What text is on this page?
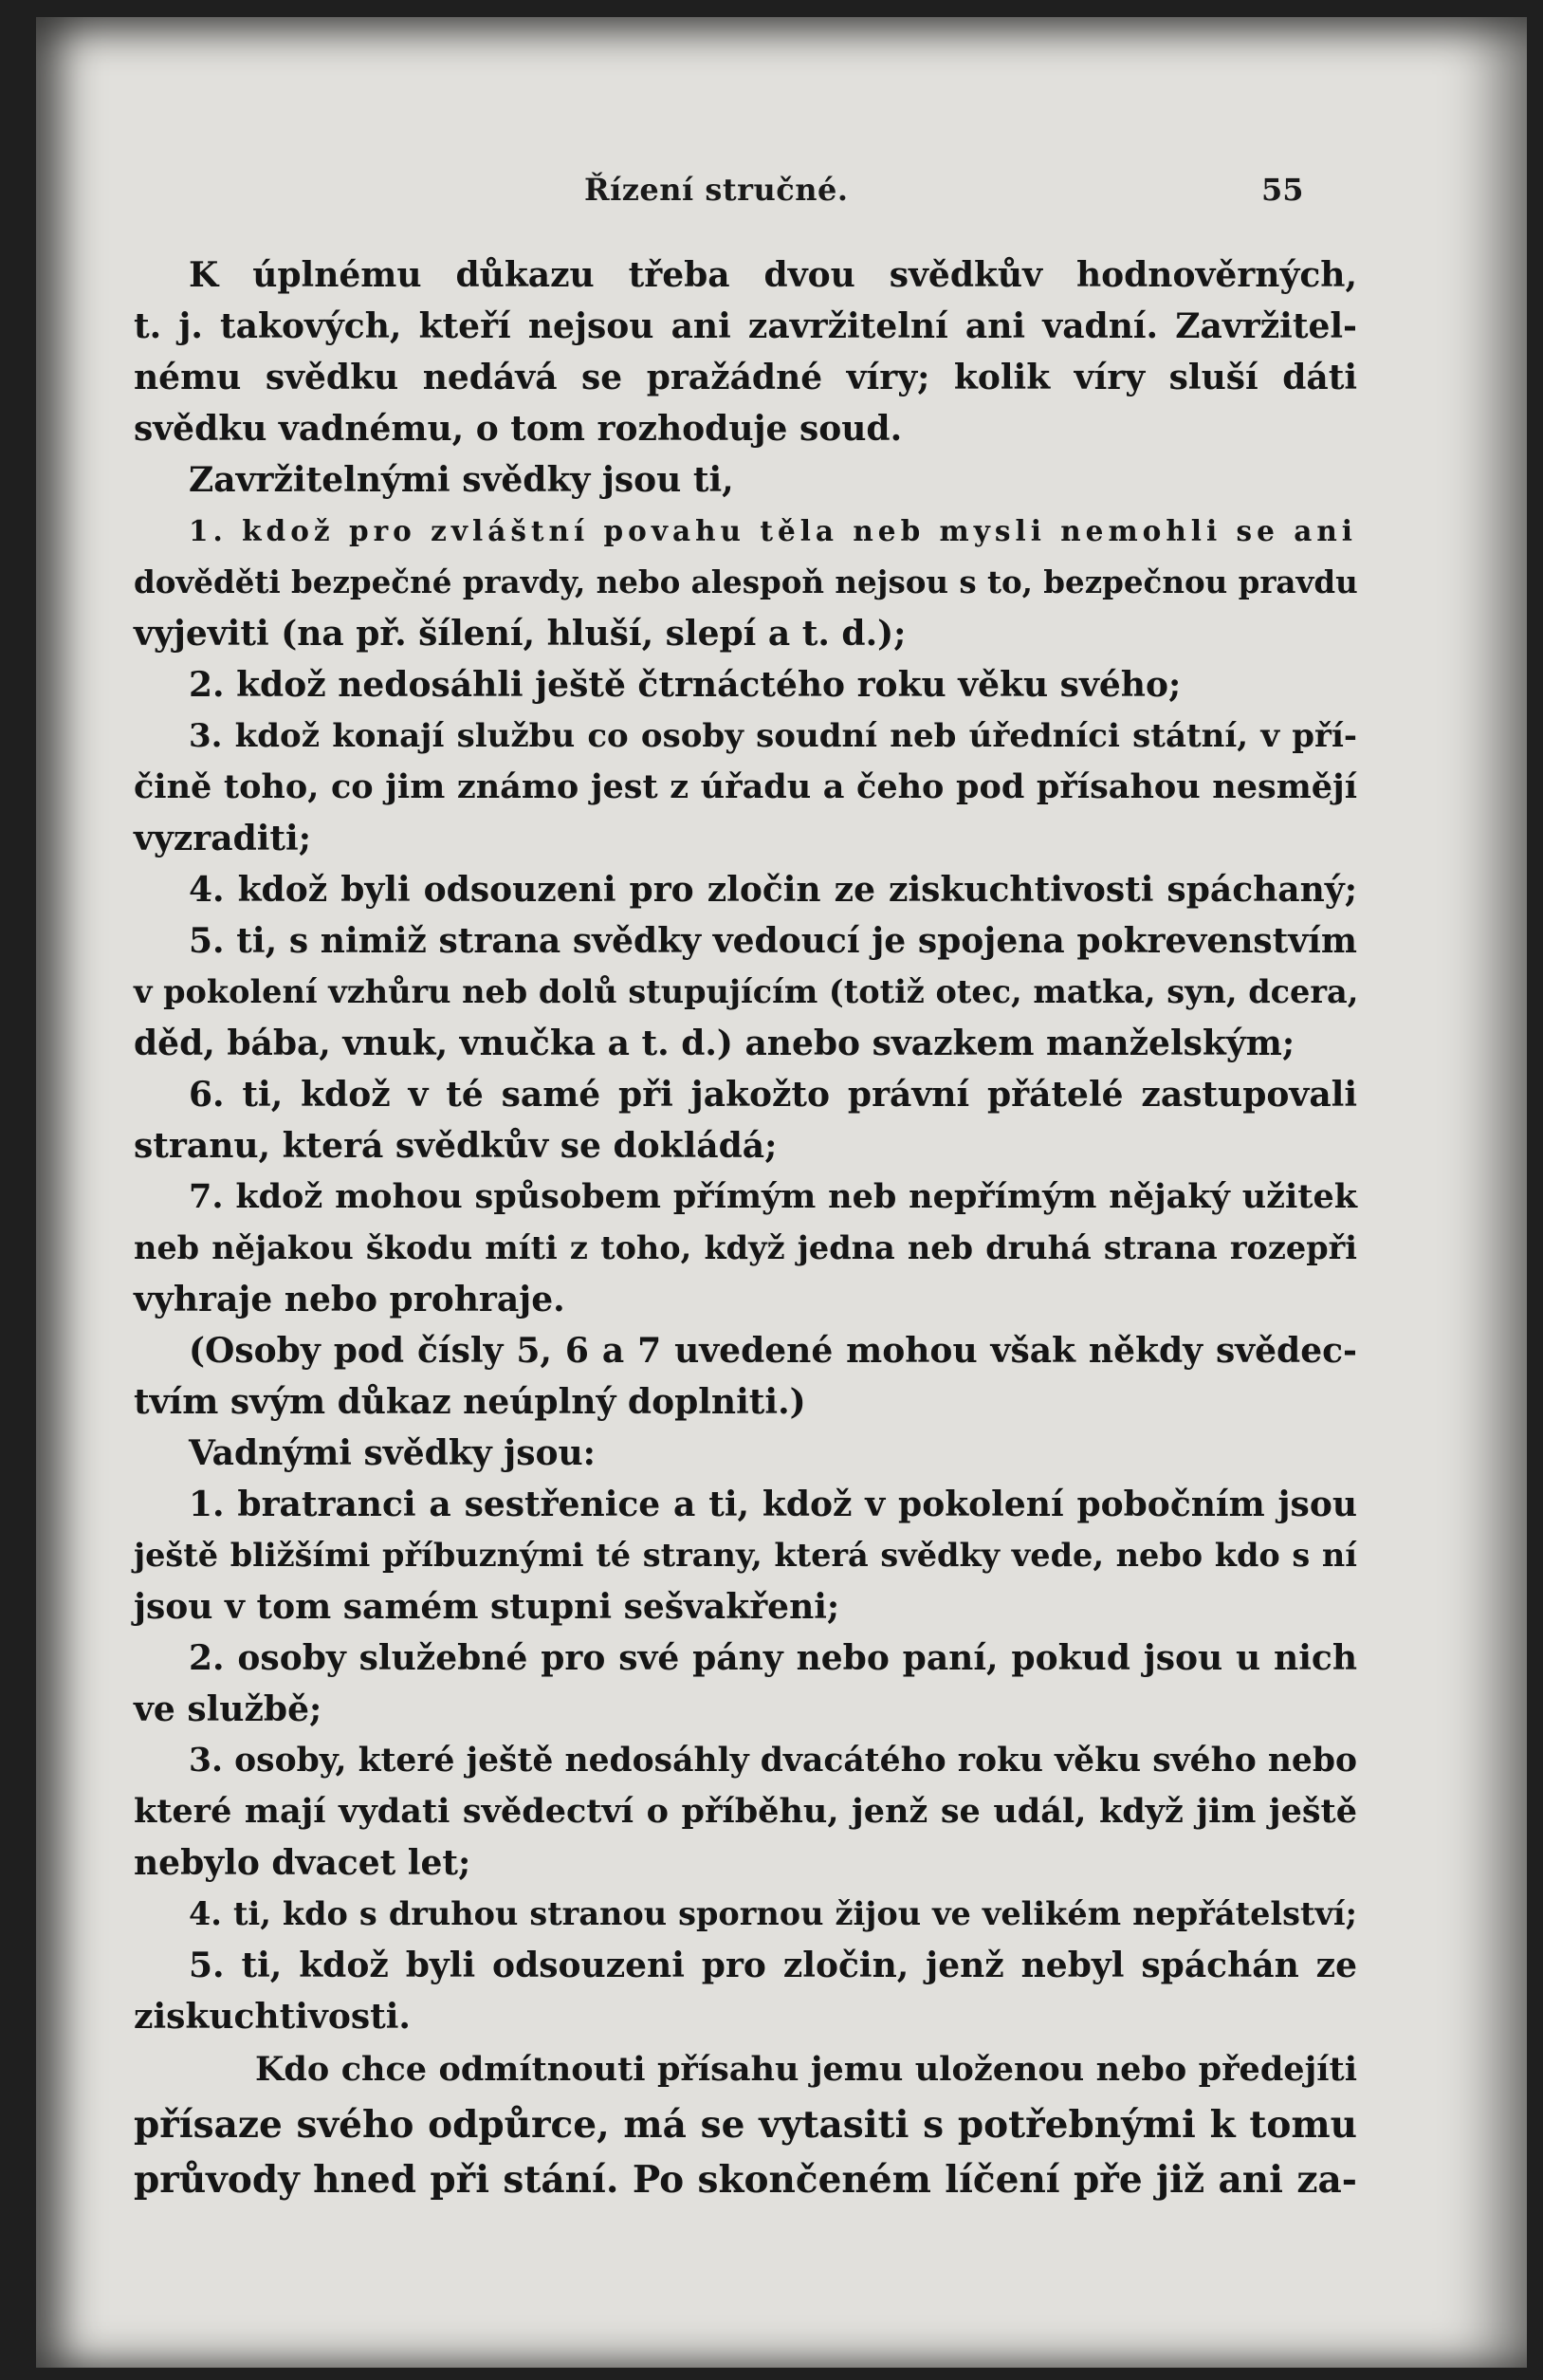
Řízení stručné.	55
K úplnému důkazu třeba dvou svědkův hodnověrných,
t. j. takových, kteří nejsou ani zavržitelní ani vadní. Zavržitel-
nému svědku nedává se pražádné víry; kolik víry sluší dáti
svědku vadnému, o tom rozhoduje soud.
Zavržitelnými svědky jsou ti,
1. kdož pro zvláštní povahu těla neb mysli nemohli se ani
dověděti bezpečné pravdy, nebo alespoň nejsou s to, bezpečnou pravdu
vyjeviti (na př. šílení, hluší, slepí a t. d.);
2. kdož nedosáhli ještě čtrnáctého roku věku svého;
3. kdož konají službu co osoby soudní neb úředníci státní, v pří-
čině toho, co jim známo jest z úřadu a čeho pod přísahou nesmějí
vyzraditi;
4. kdož byli odsouzeni pro zločin ze ziskuchtivosti spáchaný;
5. ti, s nimiž strana svědky vedoucí je spojena pokrevenstvím
v pokolení vzhůru neb dolů stupujícím (totiž otec, matka, syn, dcera,
děd, bába, vnuk, vnučka a t. d.) anebo svazkem manželským;
6. ti, kdož v té samé při jakožto právní přátelé zastupovali
stranu, která svědkův se dokládá;
7. kdož mohou spůsobem přímým neb nepřímým nějaký užitek
neb nějakou škodu míti z toho, když jedna neb druhá strana rozepři
vyhraje nebo prohraje.
(Osoby pod čísly 5, 6 a 7 uvedené mohou však někdy svědec-
tvím svým důkaz neúplný doplniti.)
Vadnými svědky jsou:
1. bratranci a sestřenice a ti, kdož v pokolení pobočním jsou
ještě bližšími příbuznými té strany, která svědky vede, nebo kdo s ní
jsou v tom samém stupni sešvakřeni;
2. osoby služebné pro své pány nebo paní, pokud jsou u nich
ve službě;
3. osoby, které ještě nedosáhly dvacátého roku věku svého nebo
které mají vydati svědectví o příběhu, jenž se udál, když jim ještě
nebylo dvacet let;
4. ti, kdo s druhou stranou spornou žijou ve velikém nepřátelství;
5. ti, kdož byli odsouzeni pro zločin, jenž nebyl spáchán ze
ziskuchtivosti.
Kdo chce odmítnouti přísahu jemu uloženou nebo předejíti
přísaze svého odpůrce, má se vytasiti s potřebnými k tomu
průvody hned při stání. Po skončeném líčení pře již ani za-
